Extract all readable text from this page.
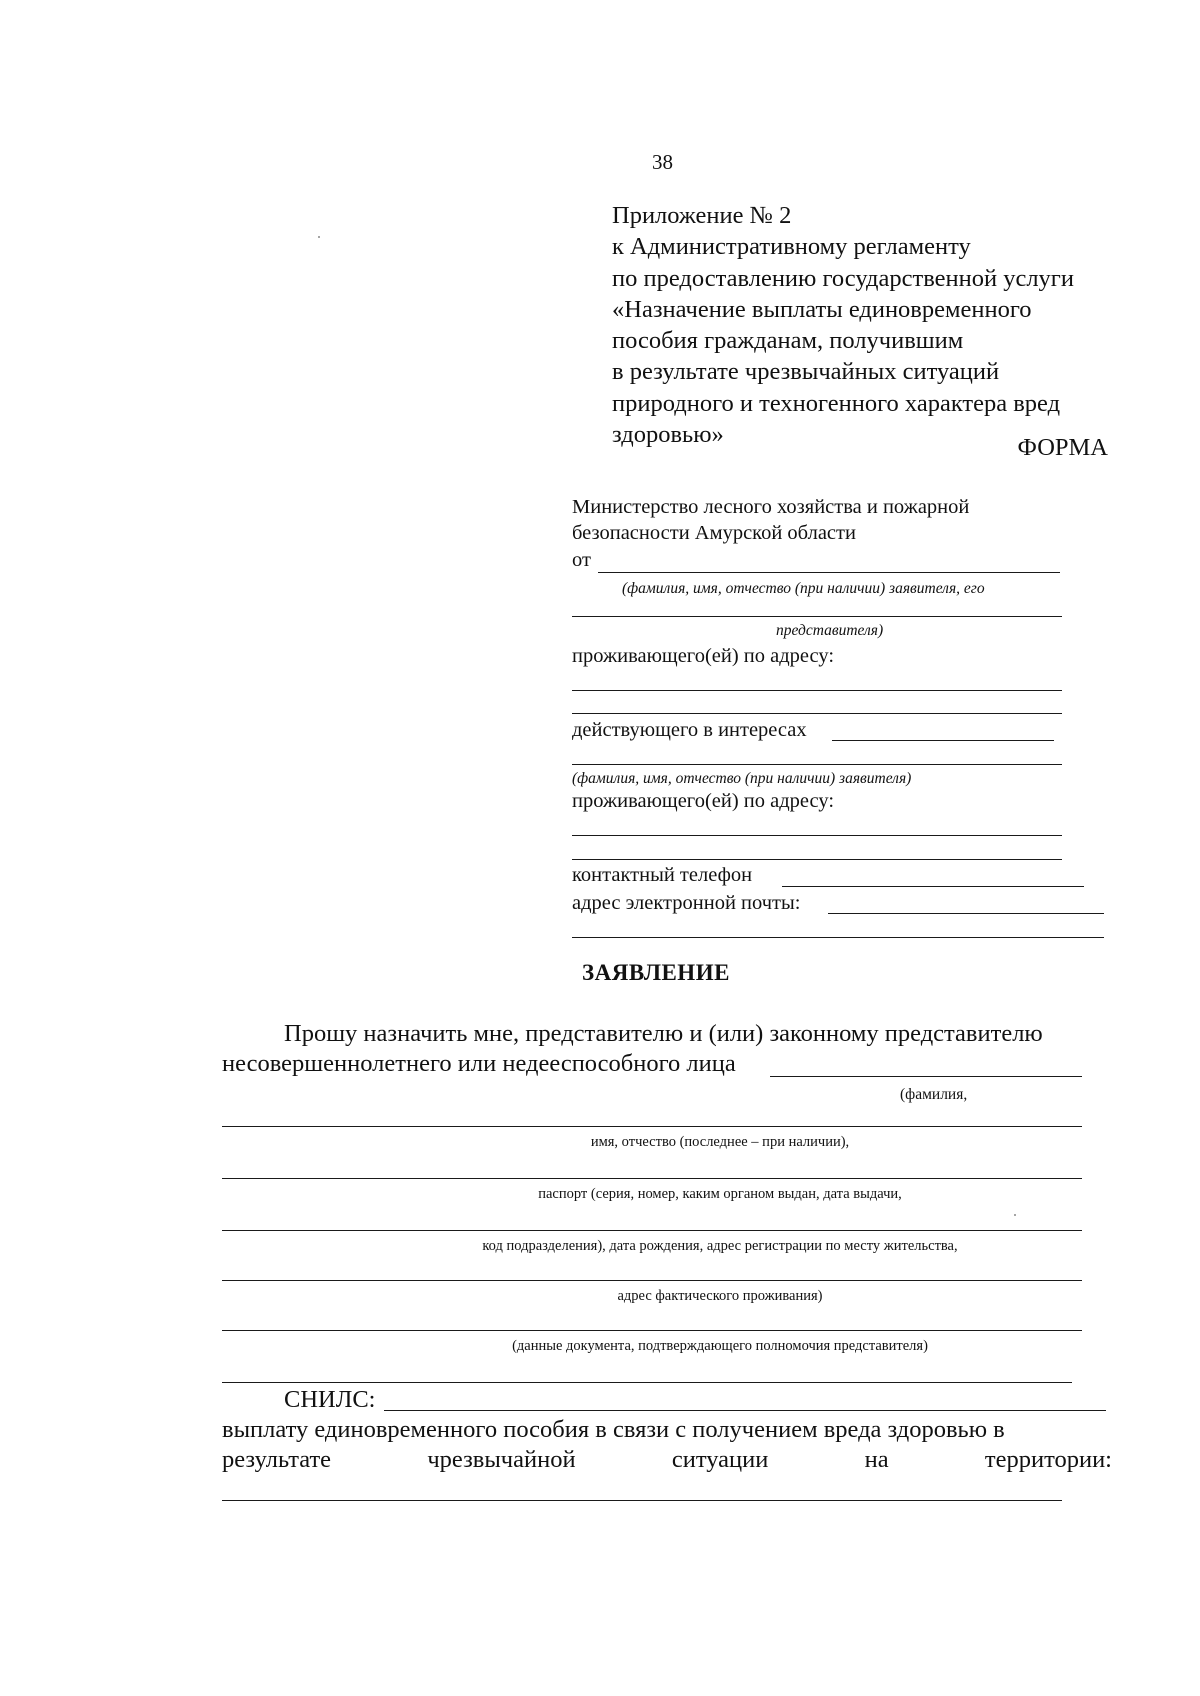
38
Приложение № 2
к Административному регламенту
по предоставлению государственной услуги
«Назначение выплаты единовременного
пособия гражданам, получившим
в результате чрезвычайных ситуаций
природного и техногенного характера вред
здоровью»	ФОРМА
Министерство лесного хозяйства и пожарной
безопасности Амурской области
от
(фамилия, имя, отчество (при наличии) заявителя, его
представителя)
проживающего(ей) по адресу:
действующего в интересах
(фамилия, имя, отчество (при наличии) заявителя)
проживающего(ей) по адресу:
контактный телефон
адрес электронной почты:
ЗАЯВЛЕНИЕ
Прошу назначить мне, представителю и (или) законному представителю
несовершеннолетнего или недееспособного лица
(фамилия,
имя, отчество (последнее – при наличии),
паспорт (серия, номер, каким органом выдан, дата выдачи,
код подразделения), дата рождения, адрес регистрации по месту жительства,
адрес фактического проживания)
(данные документа, подтверждающего полномочия представителя)
СНИЛС:
выплату единовременного пособия в связи с получением вреда здоровью в
результате	чрезвычайной	ситуации	на	территории:
